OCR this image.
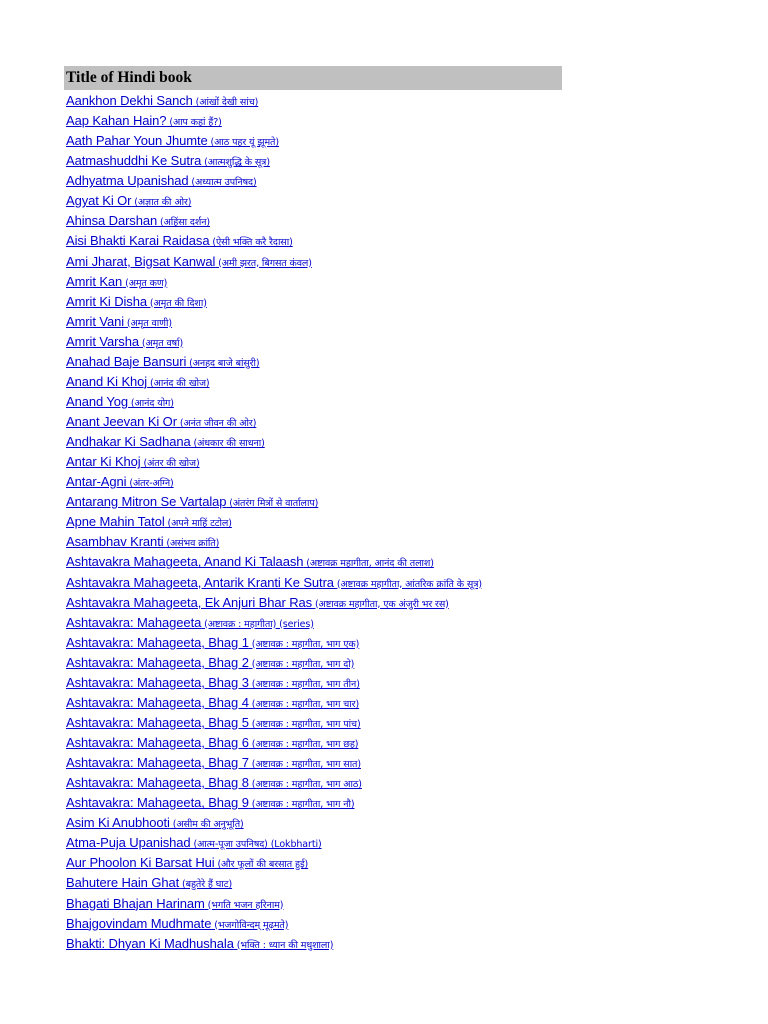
Title of Hindi book
Aankhon Dekhi Sanch (आंखों देखी सांच)
Aap Kahan Hain? (आप कहां हैं?)
Aath Pahar Youn Jhumte (आठ पहर यूं झूमते)
Aatmashuddhi Ke Sutra (आत्मशुद्धि के सूत्र)
Adhyatma Upanishad (अध्यात्म उपनिषद)
Agyat Ki Or (अज्ञात की ओर)
Ahinsa Darshan (अहिंसा दर्शन)
Aisi Bhakti Karai Raidasa (ऐसी भक्ति करै रैदासा)
Ami Jharat, Bigsat Kanwal (अमी झरत, बिगसत कंवल)
Amrit Kan (अमृत कण)
Amrit Ki Disha (अमृत की दिशा)
Amrit Vani (अमृत वाणी)
Amrit Varsha (अमृत वर्षा)
Anahad Baje Bansuri (अनहद बाजे बांसुरी)
Anand Ki Khoj (आनंद की खोज)
Anand Yog (आनंद योग)
Anant Jeevan Ki Or (अनंत जीवन की ओर)
Andhakar Ki Sadhana (अंधकार की साधना)
Antar Ki Khoj (अंतर की खोज)
Antar-Agni (अंतर-अग्नि)
Antarang Mitron Se Vartalap (अंतरंग मित्रों से वार्तालाप)
Apne Mahin Tatol (अपने माहिं टटोल)
Asambhav Kranti (असंभव क्रांति)
Ashtavakra Mahageeta, Anand Ki Talaash (अष्टावक्र महागीता, आनंद की तलाश)
Ashtavakra Mahageeta, Antarik Kranti Ke Sutra (अष्टावक्र महागीता, आंतरिक क्रांति के सूत्र)
Ashtavakra Mahageeta, Ek Anjuri Bhar Ras (अष्टावक्र महागीता, एक अंजुरी भर रस)
Ashtavakra: Mahageeta (अष्टावक्र : महागीता) (series)
Ashtavakra: Mahageeta, Bhag 1 (अष्टावक्र : महागीता, भाग एक)
Ashtavakra: Mahageeta, Bhag 2 (अष्टावक्र : महागीता, भाग दो)
Ashtavakra: Mahageeta, Bhag 3 (अष्टावक्र : महागीता, भाग तीन)
Ashtavakra: Mahageeta, Bhag 4 (अष्टावक्र : महागीता, भाग चार)
Ashtavakra: Mahageeta, Bhag 5 (अष्टावक्र : महागीता, भाग पांच)
Ashtavakra: Mahageeta, Bhag 6 (अष्टावक्र : महागीता, भाग छह)
Ashtavakra: Mahageeta, Bhag 7 (अष्टावक्र : महागीता, भाग सात)
Ashtavakra: Mahageeta, Bhag 8 (अष्टावक्र : महागीता, भाग आठ)
Ashtavakra: Mahageeta, Bhag 9 (अष्टावक्र : महागीता, भाग नौ)
Asim Ki Anubhooti (असीम की अनुभूति)
Atma-Puja Upanishad (आत्म-पूजा उपनिषद) (Lokbharti)
Aur Phoolon Ki Barsat Hui (और फूलों की बरसात हुई)
Bahutere Hain Ghat (बहुतेरे हैं घाट)
Bhagati Bhajan Harinam (भगति भजन हरिनाम)
Bhajgovindam Mudhmate (भजगोविन्दम् मूढ़मते)
Bhakti: Dhyan Ki Madhushala (भक्ति : ध्यान की मधुशाला)
